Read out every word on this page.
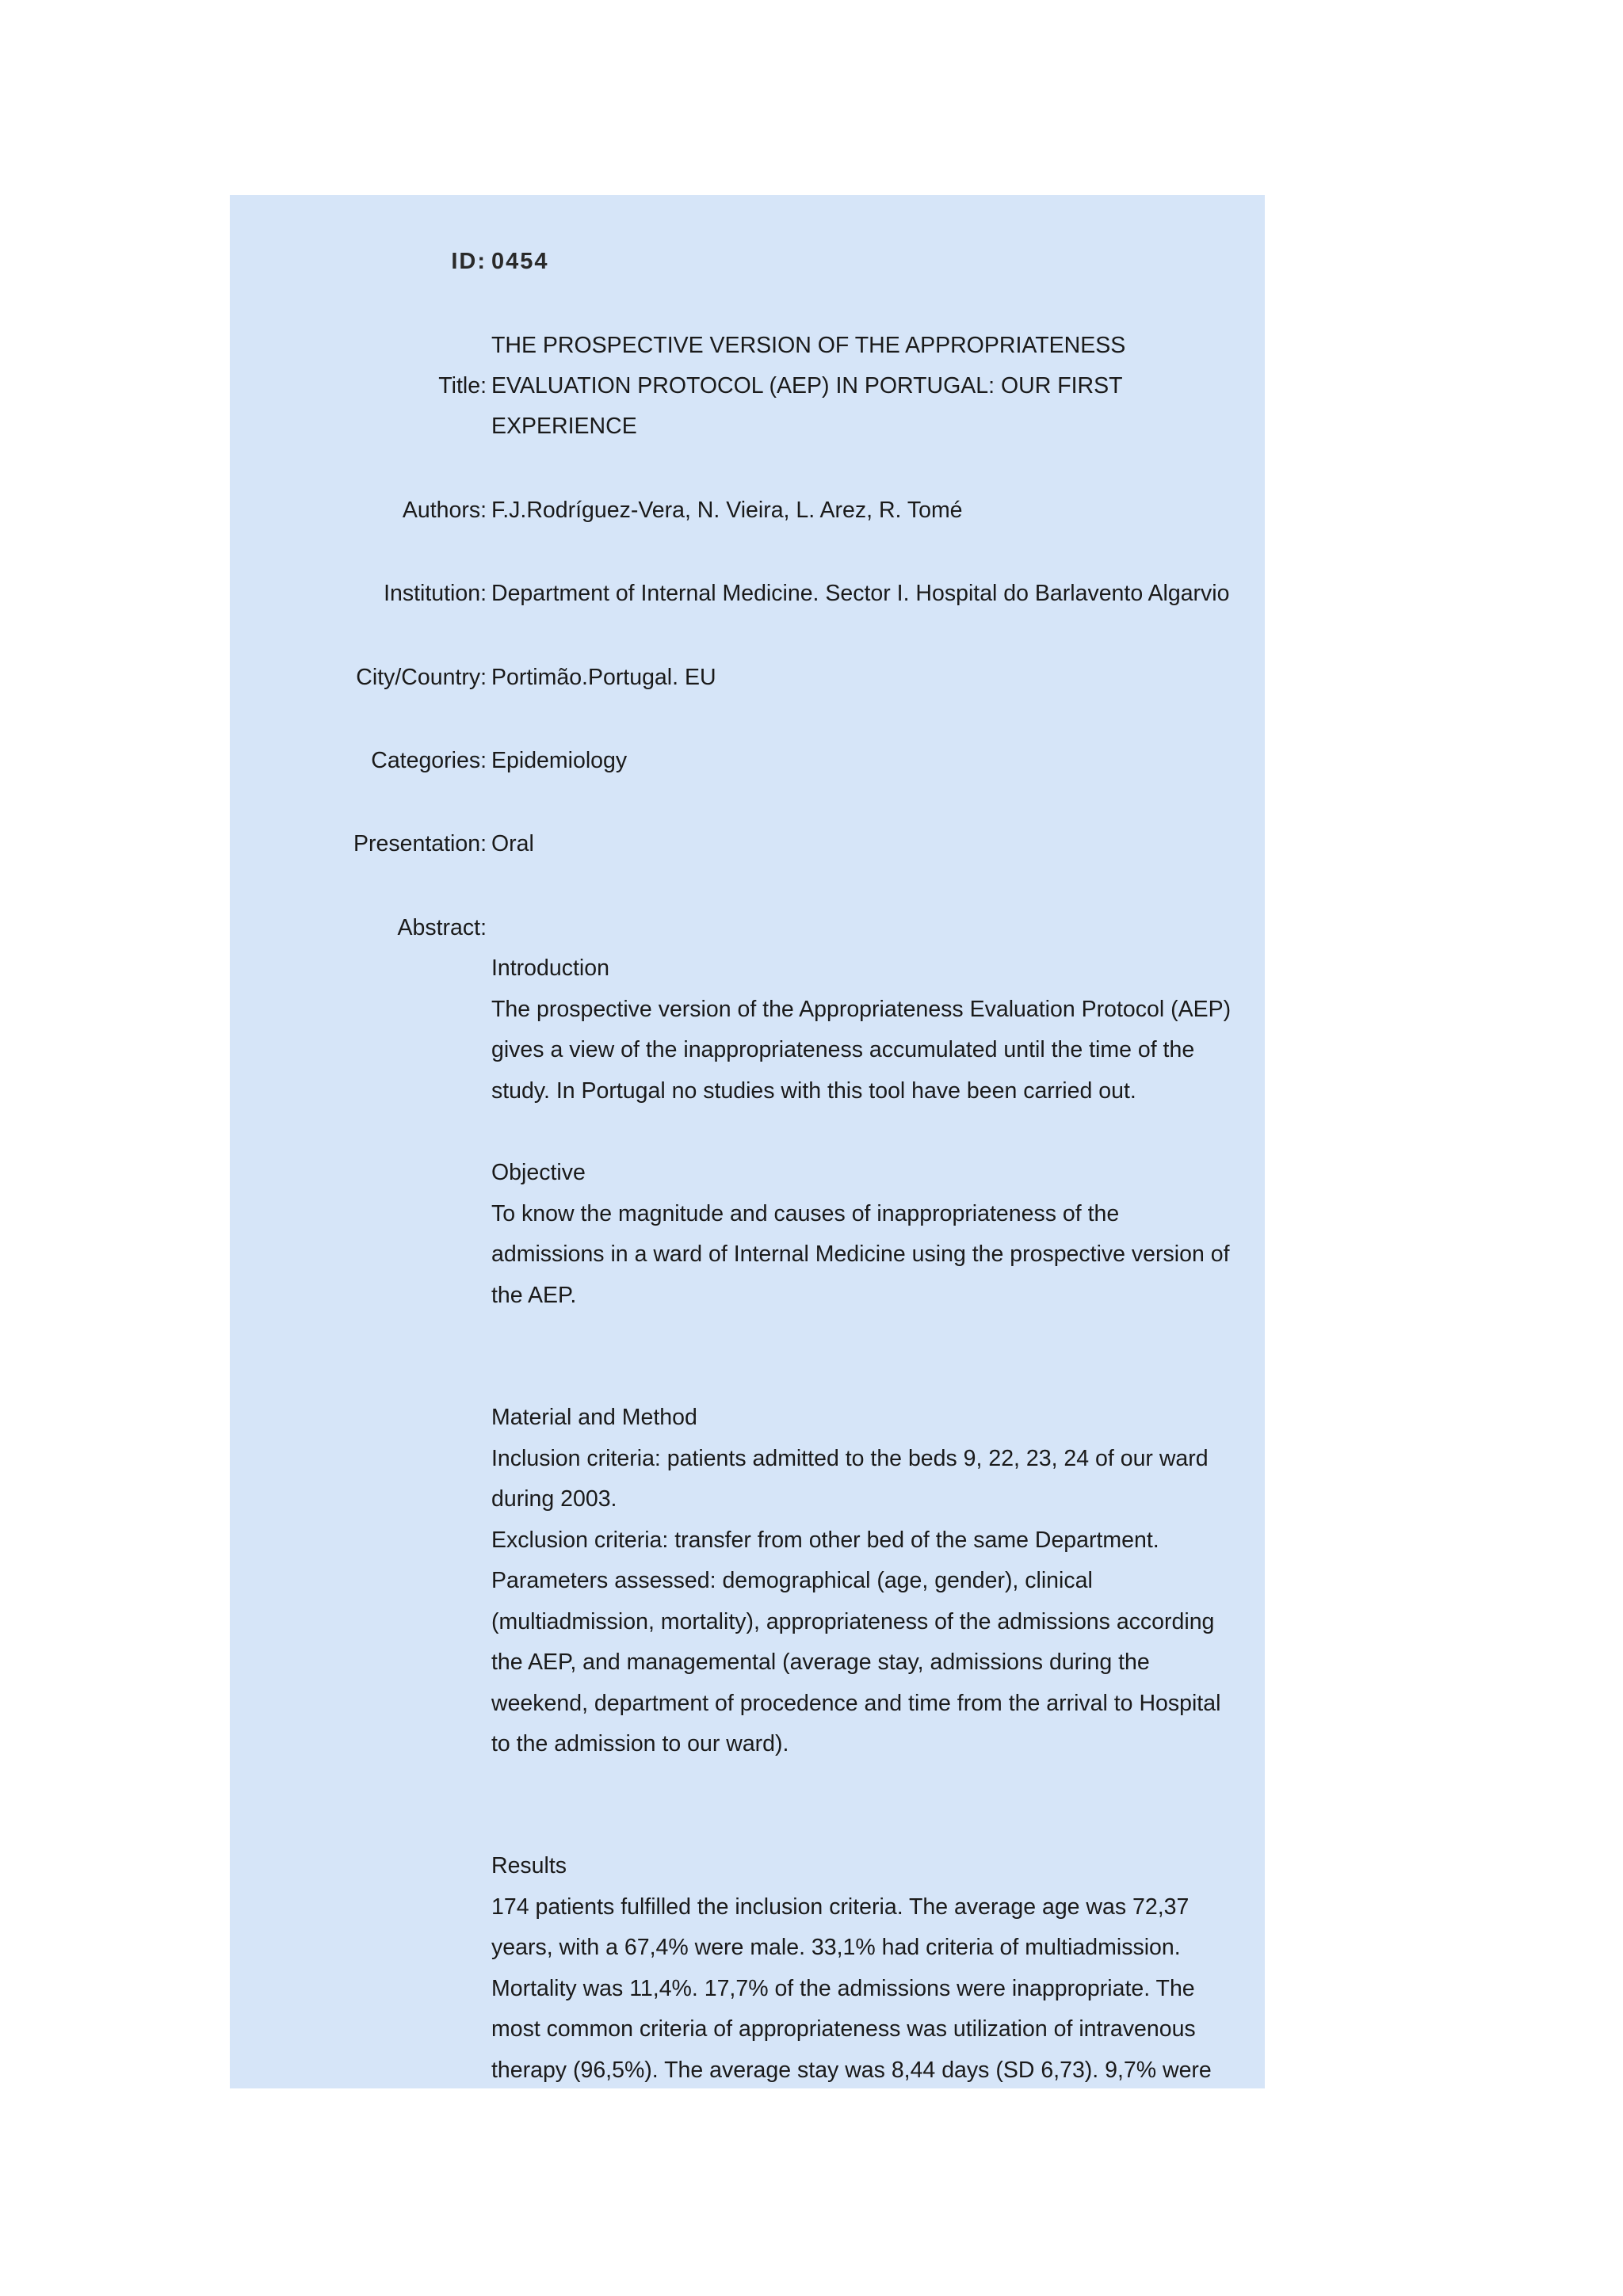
ID: 0454
Title:

THE PROSPECTIVE VERSION OF THE APPROPRIATENESS

EVALUATION PROTOCOL (AEP) IN PORTUGAL: OUR FIRST

EXPERIENCE

Authors: F.J.Rodríguez-Vera, N. Vieira, L. Arez, R. Tomé
Institution: Department of Internal Medicine. Sector I. Hospital do Barlavento Algarvio
City/Country: Portimão.Portugal. EU
Categories: Epidemiology
Presentation: Oral
Abstract:

Introduction

The prospective version of the Appropriateness Evaluation Protocol (AEP)

gives a view of the inappropriateness accumulated until the time of the

study. In Portugal no studies with this tool have been carried out.

Objective

To know the magnitude and causes of inappropriateness of the

admissions in a ward of Internal Medicine using the prospective version of

the AEP.

Material and Method

Inclusion criteria: patients admitted to the beds 9, 22, 23, 24 of our ward

during 2003.

Exclusion criteria: transfer from other bed of the same Department.

Parameters assessed: demographical (age, gender), clinical

(multiadmission, mortality), appropriateness of the admissions according

the AEP, and managemental (average stay, admissions during the

weekend, department of procedence and time from the arrival to Hospital

to the admission to our ward).

Results

174 patients fulfilled the inclusion criteria. The average age was 72,37

years, with a 67,4% were male. 33,1% had criteria of multiadmission.

Mortality was 11,4%. 17,7% of the admissions were inappropriate. The

most common criteria of appropriateness was utilization of intravenous

therapy (96,5%). The average stay was 8,44 days (SD 6,73). 9,7% were
